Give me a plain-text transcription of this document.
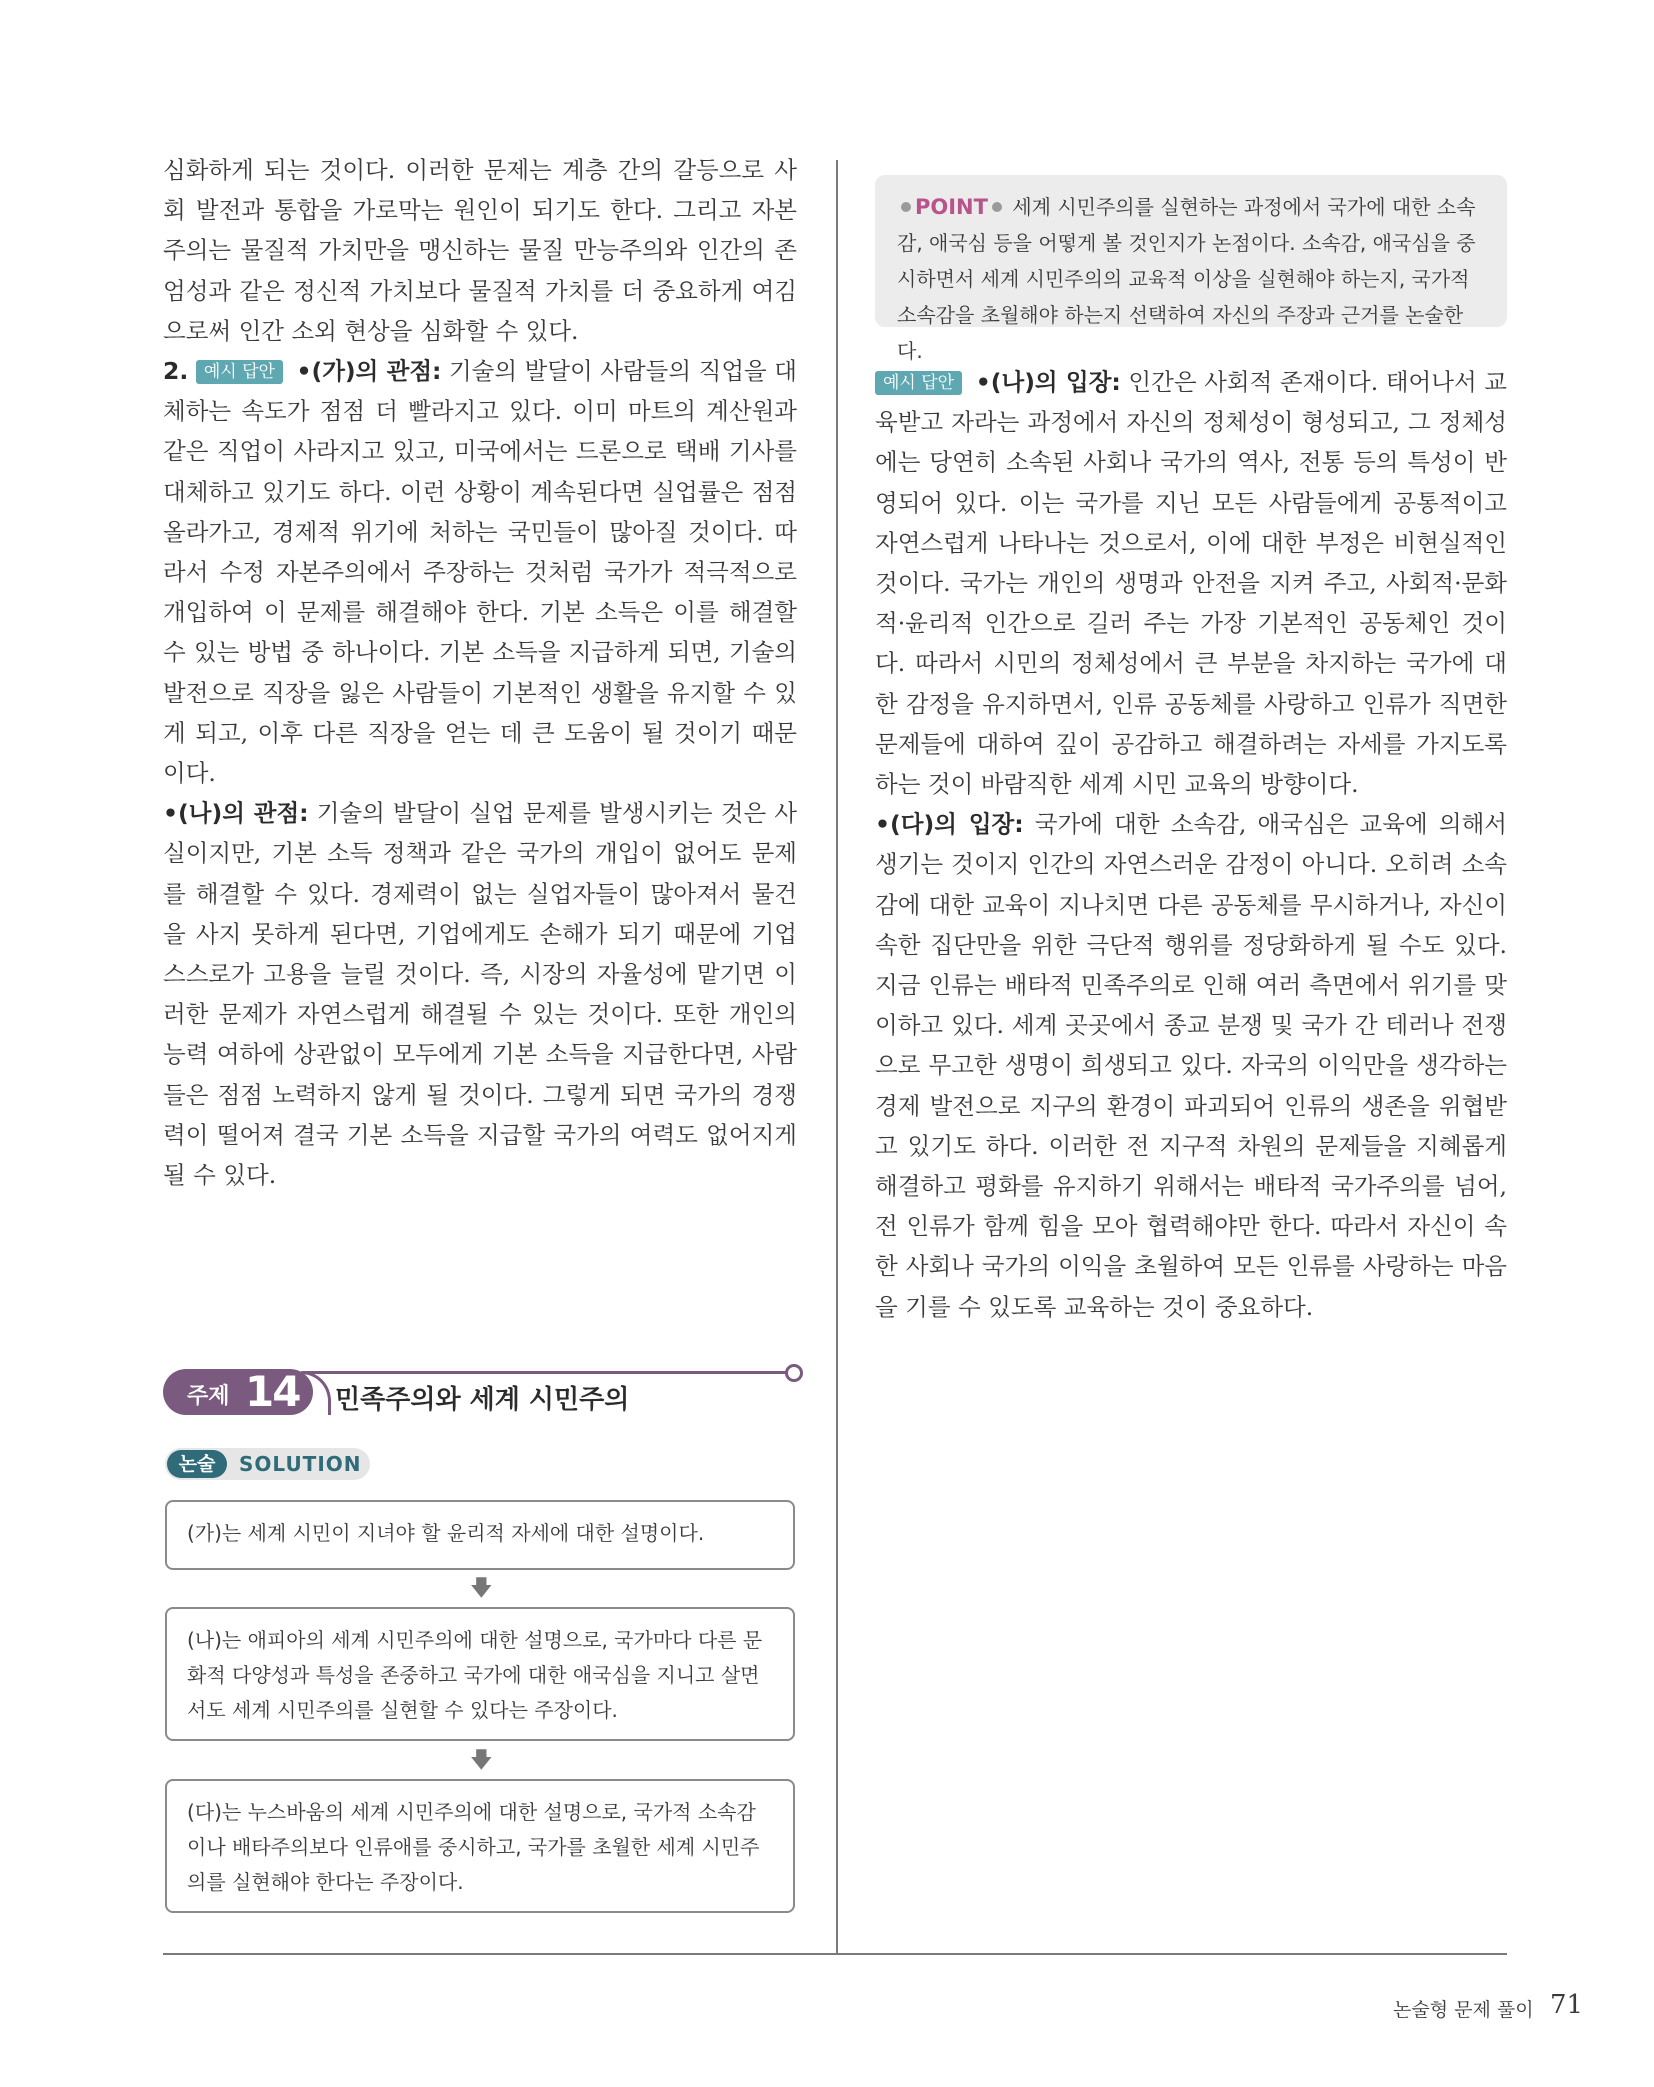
심화하게 되는 것이다. 이러한 문제는 계층 간의 갈등으로 사회 발전과 통합을 가로막는 원인이 되기도 한다. 그리고 자본주의는 물질적 가치만을 맹신하는 물질 만능주의와 인간의 존엄성과 같은 정신적 가치보다 물질적 가치를 더 중요하게 여김으로써 인간 소외 현상을 심화할 수 있다.

2. 예시 답안 •(가)의 관점: 기술의 발달이 사람들의 직업을 대체하는 속도가 점점 더 빨라지고 있다. 이미 마트의 계산원과 같은 직업이 사라지고 있고, 미국에서는 드론으로 택배 기사를 대체하고 있기도 하다. 이런 상황이 계속된다면 실업률은 점점 올라가고, 경제적 위기에 처하는 국민들이 많아질 것이다. 따라서 수정 자본주의에서 주장하는 것처럼 국가가 적극적으로 개입하여 이 문제를 해결해야 한다. 기본 소득은 이를 해결할 수 있는 방법 중 하나이다. 기본 소득을 지급하게 되면, 기술의 발전으로 직장을 잃은 사람들이 기본적인 생활을 유지할 수 있게 되고, 이후 다른 직장을 얻는 데 큰 도움이 될 것이기 때문이다.

•(나)의 관점: 기술의 발달이 실업 문제를 발생시키는 것은 사실이지만, 기본 소득 정책과 같은 국가의 개입이 없어도 문제를 해결할 수 있다. 경제력이 없는 실업자들이 많아져서 물건을 사지 못하게 된다면, 기업에게도 손해가 되기 때문에 기업 스스로가 고용을 늘릴 것이다. 즉, 시장의 자율성에 맡기면 이러한 문제가 자연스럽게 해결될 수 있는 것이다. 또한 개인의 능력 여하에 상관없이 모두에게 기본 소득을 지급한다면, 사람들은 점점 노력하지 않게 될 것이다. 그렇게 되면 국가의 경쟁력이 떨어져 결국 기본 소득을 지급할 국가의 여력도 없어지게 될 수 있다.

주제 14 민족주의와 세계 시민주의
논술	SOLUTION
(가)는 세계 시민이 지녀야 할 윤리적 자세에 대한 설명이다.
🡇
(나)는 애피아의 세계 시민주의에 대한 설명으로, 국가마다 다른 문화적 다양성과 특성을 존중하고 국가에 대한 애국심을 지니고 살면서도 세계 시민주의를 실현할 수 있다는 주장이다.
🡇
(다)는 누스바움의 세계 시민주의에 대한 설명으로, 국가적 소속감이나 배타주의보다 인류애를 중시하고, 국가를 초월한 세계 시민주의를 실현해야 한다는 주장이다.
POINT 세계 시민주의를 실현하는 과정에서 국가에 대한 소속감, 애국심 등을 어떻게 볼 것인지가 논점이다. 소속감, 애국심을 중시하면서 세계 시민주의의 교육적 이상을 실현해야 하는지, 국가적 소속감을 초월해야 하는지 선택하여 자신의 주장과 근거를 논술한다.

예시 답안 •(나)의 입장: 인간은 사회적 존재이다. 태어나서 교육받고 자라는 과정에서 자신의 정체성이 형성되고, 그 정체성에는 당연히 소속된 사회나 국가의 역사, 전통 등의 특성이 반영되어 있다. 이는 국가를 지닌 모든 사람들에게 공통적이고 자연스럽게 나타나는 것으로서, 이에 대한 부정은 비현실적인 것이다. 국가는 개인의 생명과 안전을 지켜 주고, 사회적·문화적·윤리적 인간으로 길러 주는 가장 기본적인 공동체인 것이다. 따라서 시민의 정체성에서 큰 부분을 차지하는 국가에 대한 감정을 유지하면서, 인류 공동체를 사랑하고 인류가 직면한 문제들에 대하여 깊이 공감하고 해결하려는 자세를 가지도록 하는 것이 바람직한 세계 시민 교육의 방향이다.

•(다)의 입장: 국가에 대한 소속감, 애국심은 교육에 의해서 생기는 것이지 인간의 자연스러운 감정이 아니다. 오히려 소속감에 대한 교육이 지나치면 다른 공동체를 무시하거나, 자신이 속한 집단만을 위한 극단적 행위를 정당화하게 될 수도 있다. 지금 인류는 배타적 민족주의로 인해 여러 측면에서 위기를 맞이하고 있다. 세계 곳곳에서 종교 분쟁 및 국가 간 테러나 전쟁으로 무고한 생명이 희생되고 있다. 자국의 이익만을 생각하는 경제 발전으로 지구의 환경이 파괴되어 인류의 생존을 위협받고 있기도 하다. 이러한 전 지구적 차원의 문제들을 지혜롭게 해결하고 평화를 유지하기 위해서는 배타적 국가주의를 넘어, 전 인류가 함께 힘을 모아 협력해야만 한다. 따라서 자신이 속한 사회나 국가의 이익을 초월하여 모든 인류를 사랑하는 마음을 기를 수 있도록 교육하는 것이 중요하다.

논술형 문제 풀이 71
